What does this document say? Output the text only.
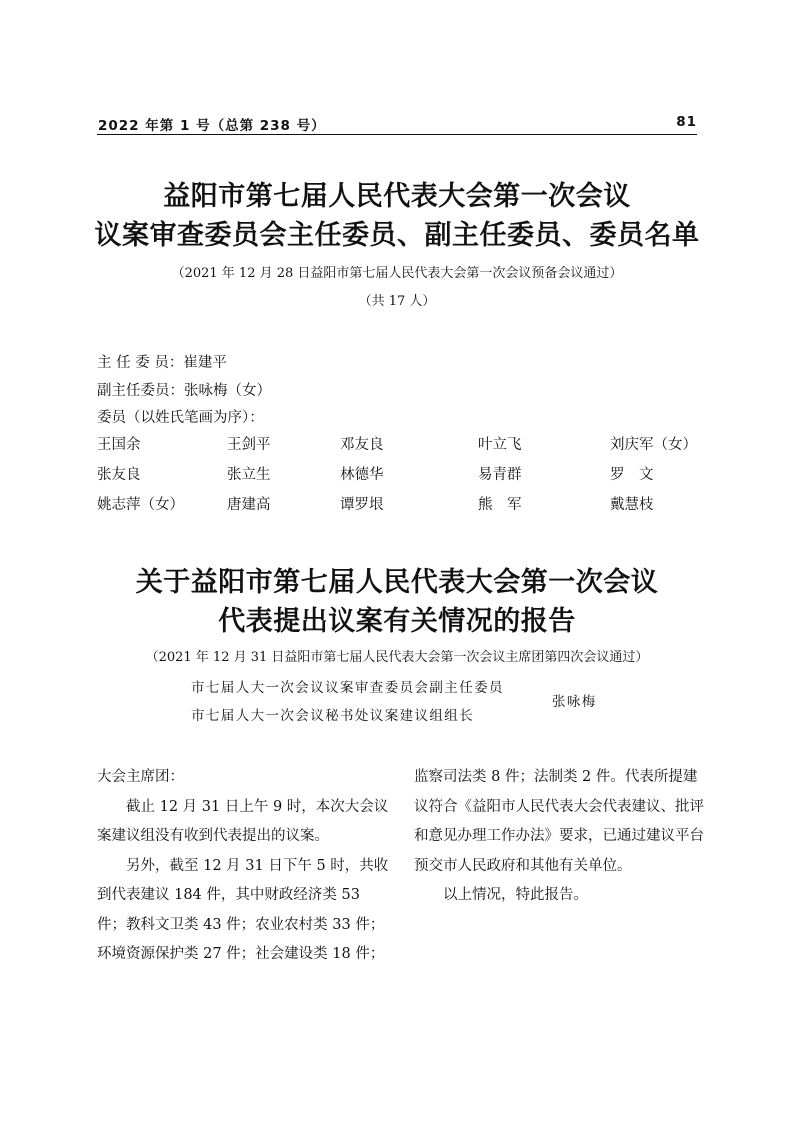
2022 年第 1 号（总第 238 号）	81
益阳市第七届人民代表大会第一次会议
议案审查委员会主任委员、副主任委员、委员名单
（2021 年 12 月 28 日益阳市第七届人民代表大会第一次会议预备会议通过）
（共 17 人）
主 任 委 员：崔建平
副主任委员：张咏梅（女）
委员（以姓氏笔画为序）：
王国余	王剑平	邓友良	叶立飞	刘庆军（女）
张友良	张立生	林德华	易青群	罗　文
姚志萍（女）	唐建高	谭罗垠	熊　军	戴慧枝
关于益阳市第七届人民代表大会第一次会议
代表提出议案有关情况的报告
（2021 年 12 月 31 日益阳市第七届人民代表大会第一次会议主席团第四次会议通过）
市七届人大一次会议议案审查委员会副主任委员
市七届人大一次会议秘书处议案建议组组长
张咏梅

大会主席团：

截止 12 月 31 日上午 9 时，本次大会议案建议组没有收到代表提出的议案。

另外，截至 12 月 31 日下午 5 时，共收到代表建议 184 件，其中财政经济类 53 件；教科文卫类 43 件；农业农村类 33 件；环境资源保护类 27 件；社会建设类 18 件；

监察司法类 8 件；法制类 2 件。代表所提建议符合《益阳市人民代表大会代表建议、批评和意见办理工作办法》要求，已通过建议平台预交市人民政府和其他有关单位。

以上情况，特此报告。
